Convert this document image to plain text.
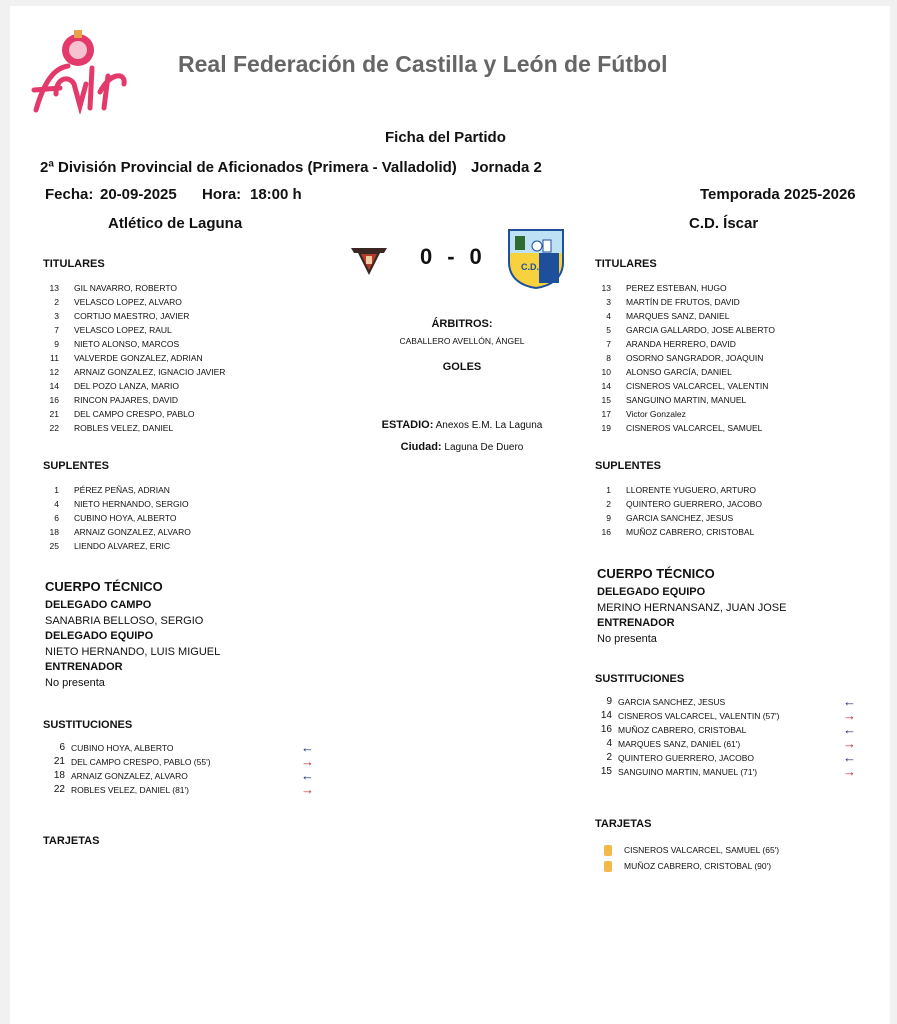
Real Federación de Castilla y León de Fútbol
Ficha del Partido
2ª División Provincial de Aficionados (Primera - Valladolid) Jornada 2
Fecha: 20-09-2025 Hora: 18:00 h	Temporada 2025-2026
Atlético de Laguna	C.D. Íscar
0 - 0	C.D.
TITULARES
13 GIL NAVARRO, ROBERTO
2 VELASCO LOPEZ, ALVARO
3 CORTIJO MAESTRO, JAVIER
7 VELASCO LOPEZ, RAUL
9 NIETO ALONSO, MARCOS
11 VALVERDE GONZALEZ, ADRIAN
12 ARNAIZ GONZALEZ, IGNACIO JAVIER
14 DEL POZO LANZA, MARIO
16 RINCON PAJARES, DAVID
21 DEL CAMPO CRESPO, PABLO
22 ROBLES VELEZ, DANIEL
SUPLENTES
1 PÉREZ PEÑAS, ADRIAN
4 NIETO HERNANDO, SERGIO
6 CUBINO HOYA, ALBERTO
18 ARNAIZ GONZALEZ, ALVARO
25 LIENDO ALVAREZ, ERIC
CUERPO TÉCNICO
DELEGADO CAMPO
SANABRIA BELLOSO, SERGIO
DELEGADO EQUIPO
NIETO HERNANDO, LUIS MIGUEL
ENTRENADOR
No presenta
SUSTITUCIONES
6 CUBINO HOYA, ALBERTO	←
21 DEL CAMPO CRESPO, PABLO (55')	→
18 ARNAIZ GONZALEZ, ALVARO	←
22 ROBLES VELEZ, DANIEL (81')	→
TARJETAS
ÁRBITROS:
CABALLERO AVELLÓN, ÁNGEL
GOLES
ESTADIO: Anexos E.M. La Laguna
Ciudad: Laguna De Duero
TITULARES
13 PEREZ ESTEBAN, HUGO
3 MARTÍN DE FRUTOS, DAVID
4 MARQUES SANZ, DANIEL
5 GARCIA GALLARDO, JOSE ALBERTO
7 ARANDA HERRERO, DAVID
8 OSORNO SANGRADOR, JOAQUIN
10 ALONSO GARCÍA, DANIEL
14 CISNEROS VALCARCEL, VALENTIN
15 SANGUINO MARTIN, MANUEL
17 Victor Gonzalez
19 CISNEROS VALCARCEL, SAMUEL
SUPLENTES
1 LLORENTE YUGUERO, ARTURO
2 QUINTERO GUERRERO, JACOBO
9 GARCIA SANCHEZ, JESUS
16 MUÑOZ CABRERO, CRISTOBAL
CUERPO TÉCNICO
DELEGADO EQUIPO
MERINO HERNANSANZ, JUAN JOSE
ENTRENADOR
No presenta
SUSTITUCIONES
9 GARCIA SANCHEZ, JESUS	←
14 CISNEROS VALCARCEL, VALENTIN (57')	→
16 MUÑOZ CABRERO, CRISTOBAL	←
4 MARQUES SANZ, DANIEL (61')	→
2 QUINTERO GUERRERO, JACOBO	←
15 SANGUINO MARTIN, MANUEL (71')	→
TARJETAS
CISNEROS VALCARCEL, SAMUEL (65')
MUÑOZ CABRERO, CRISTOBAL (90')
